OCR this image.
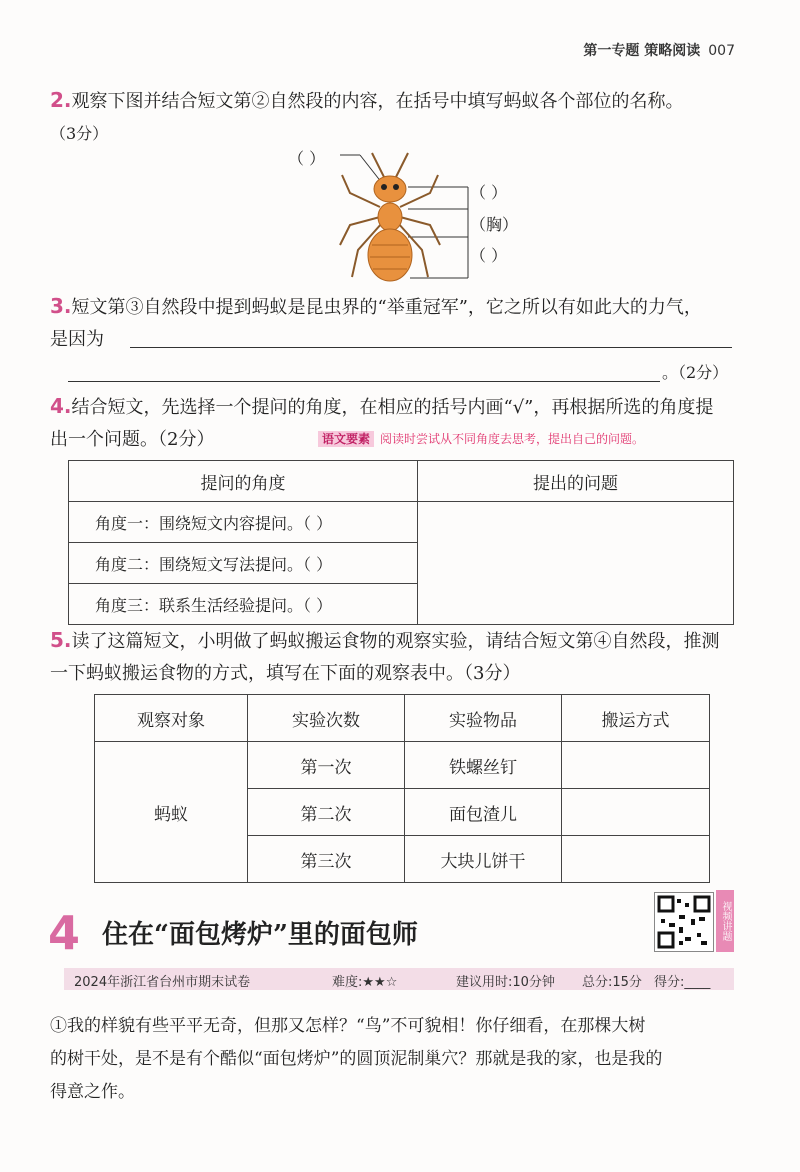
第一专题 策略阅读 007
2.观察下图并结合短文第②自然段的内容，在括号中填写蚂蚁各个部位的名称。
（3分）
（ ）
（ ）
（胸）
（ ）
3.短文第③自然段中提到蚂蚁是昆虫界的“举重冠军”，它之所以有如此大的力气，
是因为
。（2分）
4.结合短文，先选择一个提问的角度，在相应的括号内画“√”，再根据所选的角度提
出一个问题。（2分）	语文要素 阅读时尝试从不同角度去思考，提出自己的问题。
提问的角度	提出的问题
角度一：围绕短文内容提问。（ ）	
角度二：围绕短文写法提问。（ ）	
角度三：联系生活经验提问。（ ）	
5.读了这篇短文，小明做了蚂蚁搬运食物的观察实验，请结合短文第④自然段，推测
一下蚂蚁搬运食物的方式，填写在下面的观察表中。（3分）
观察对象	实验次数	实验物品	搬运方式
蚂蚁	第一次	铁螺丝钉	
	第二次	面包渣儿	
	第三次	大块儿饼干	
4 住在“面包烤炉”里的面包师	视频讲题
2024年浙江省台州市期末试卷	难度:★★☆	建议用时:10分钟 总分:15分 得分:____
①我的样貌有些平平无奇，但那又怎样？“鸟”不可貌相！你仔细看，在那棵大树
的树干处，是不是有个酷似“面包烤炉”的圆顶泥制巢穴？那就是我的家，也是我的
得意之作。
